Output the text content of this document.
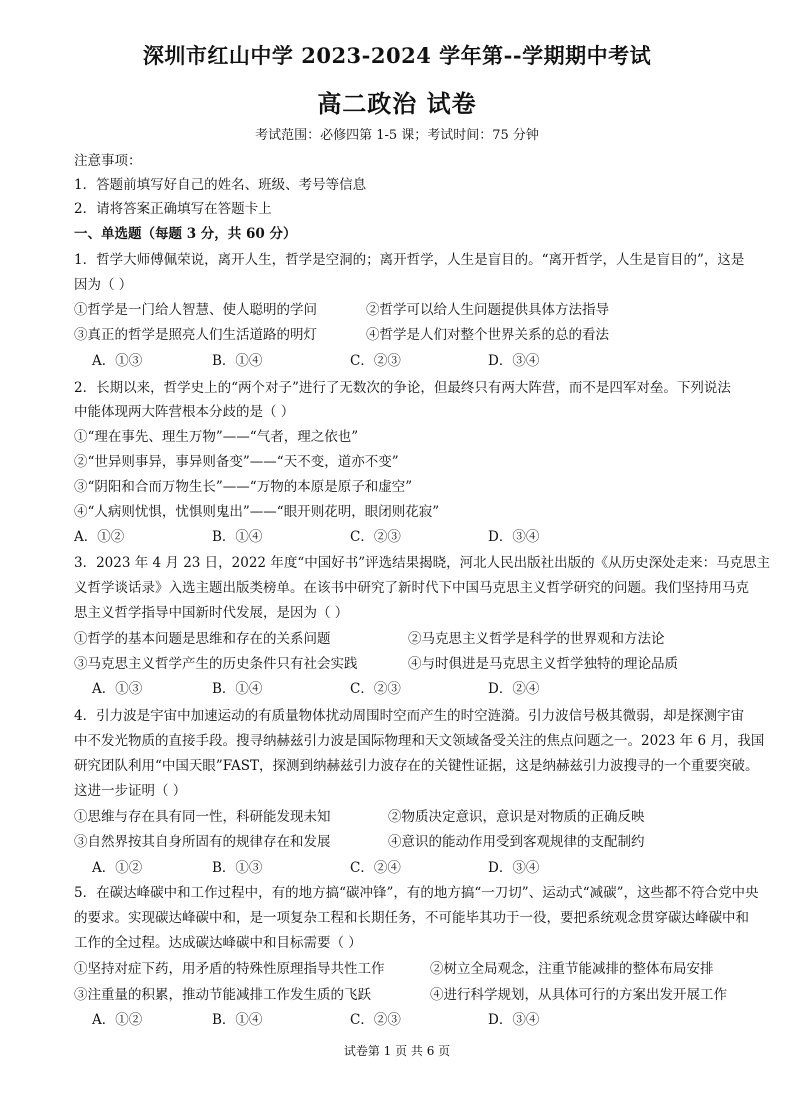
深圳市红山中学 2023-2024 学年第--学期期中考试
高二政治 试卷
考试范围：必修四第 1-5 课；考试时间：75 分钟
注意事项：
1．答题前填写好自己的姓名、班级、考号等信息
2．请将答案正确填写在答题卡上
一、单选题（每题 3 分，共 60 分）
1．哲学大师傅佩荣说，离开人生，哲学是空洞的；离开哲学，人生是盲目的。“离开哲学，人生是盲目的”，这是
因为（ ）
①哲学是一门给人智慧、使人聪明的学问	②哲学可以给人生问题提供具体方法指导
③真正的哲学是照亮人们生活道路的明灯	④哲学是人们对整个世界关系的总的看法
A．①③	B．①④	C．②③	D．③④
2．长期以来，哲学史上的“两个对子”进行了无数次的争论，但最终只有两大阵营，而不是四军对垒。下列说法
中能体现两大阵营根本分歧的是（ ）
①“理在事先、理生万物”——“气者，理之依也”
②“世异则事异，事异则备变”——“天不变，道亦不变”
③“阴阳和合而万物生长”——“万物的本原是原子和虚空”
④“人病则忧惧，忧惧则鬼出”——“眼开则花明，眼闭则花寂”
A．①②	B．①④	C．②③	D．③④
3．2023 年 4 月 23 日，2022 年度“中国好书”评选结果揭晓，河北人民出版社出版的《从历史深处走来：马克思主
义哲学谈话录》入选主题出版类榜单。在该书中研究了新时代下中国马克思主义哲学研究的问题。我们坚持用马克
思主义哲学指导中国新时代发展，是因为（ ）
①哲学的基本问题是思维和存在的关系问题	②马克思主义哲学是科学的世界观和方法论
③马克思主义哲学产生的历史条件只有社会实践	④与时俱进是马克思主义哲学独特的理论品质
A．①③	B．①④	C．②③	D．②④
4．引力波是宇宙中加速运动的有质量物体扰动周围时空而产生的时空涟漪。引力波信号极其微弱，却是探测宇宙
中不发光物质的直接手段。搜寻纳赫兹引力波是国际物理和天文领域备受关注的焦点问题之一。2023 年 6 月，我国
研究团队利用“中国天眼”FAST，探测到纳赫兹引力波存在的关键性证据，这是纳赫兹引力波搜寻的一个重要突破。
这进一步证明（ ）
①思维与存在具有同一性，科研能发现未知	②物质决定意识，意识是对物质的正确反映
③自然界按其自身所固有的规律存在和发展	④意识的能动作用受到客观规律的支配制约
A．①②	B．①③	C．②④	D．③④
5．在碳达峰碳中和工作过程中，有的地方搞“碳冲锋”，有的地方搞“一刀切”、运动式“减碳”，这些都不符合党中央
的要求。实现碳达峰碳中和，是一项复杂工程和长期任务，不可能毕其功于一役，要把系统观念贯穿碳达峰碳中和
工作的全过程。达成碳达峰碳中和目标需要（ ）
①坚持对症下药，用矛盾的特殊性原理指导共性工作	②树立全局观念，注重节能减排的整体布局安排
③注重量的积累，推动节能减排工作发生质的飞跃	④进行科学规划，从具体可行的方案出发开展工作
A．①②	B．①④	C．②③	D．③④
试卷第 1 页 共 6 页
